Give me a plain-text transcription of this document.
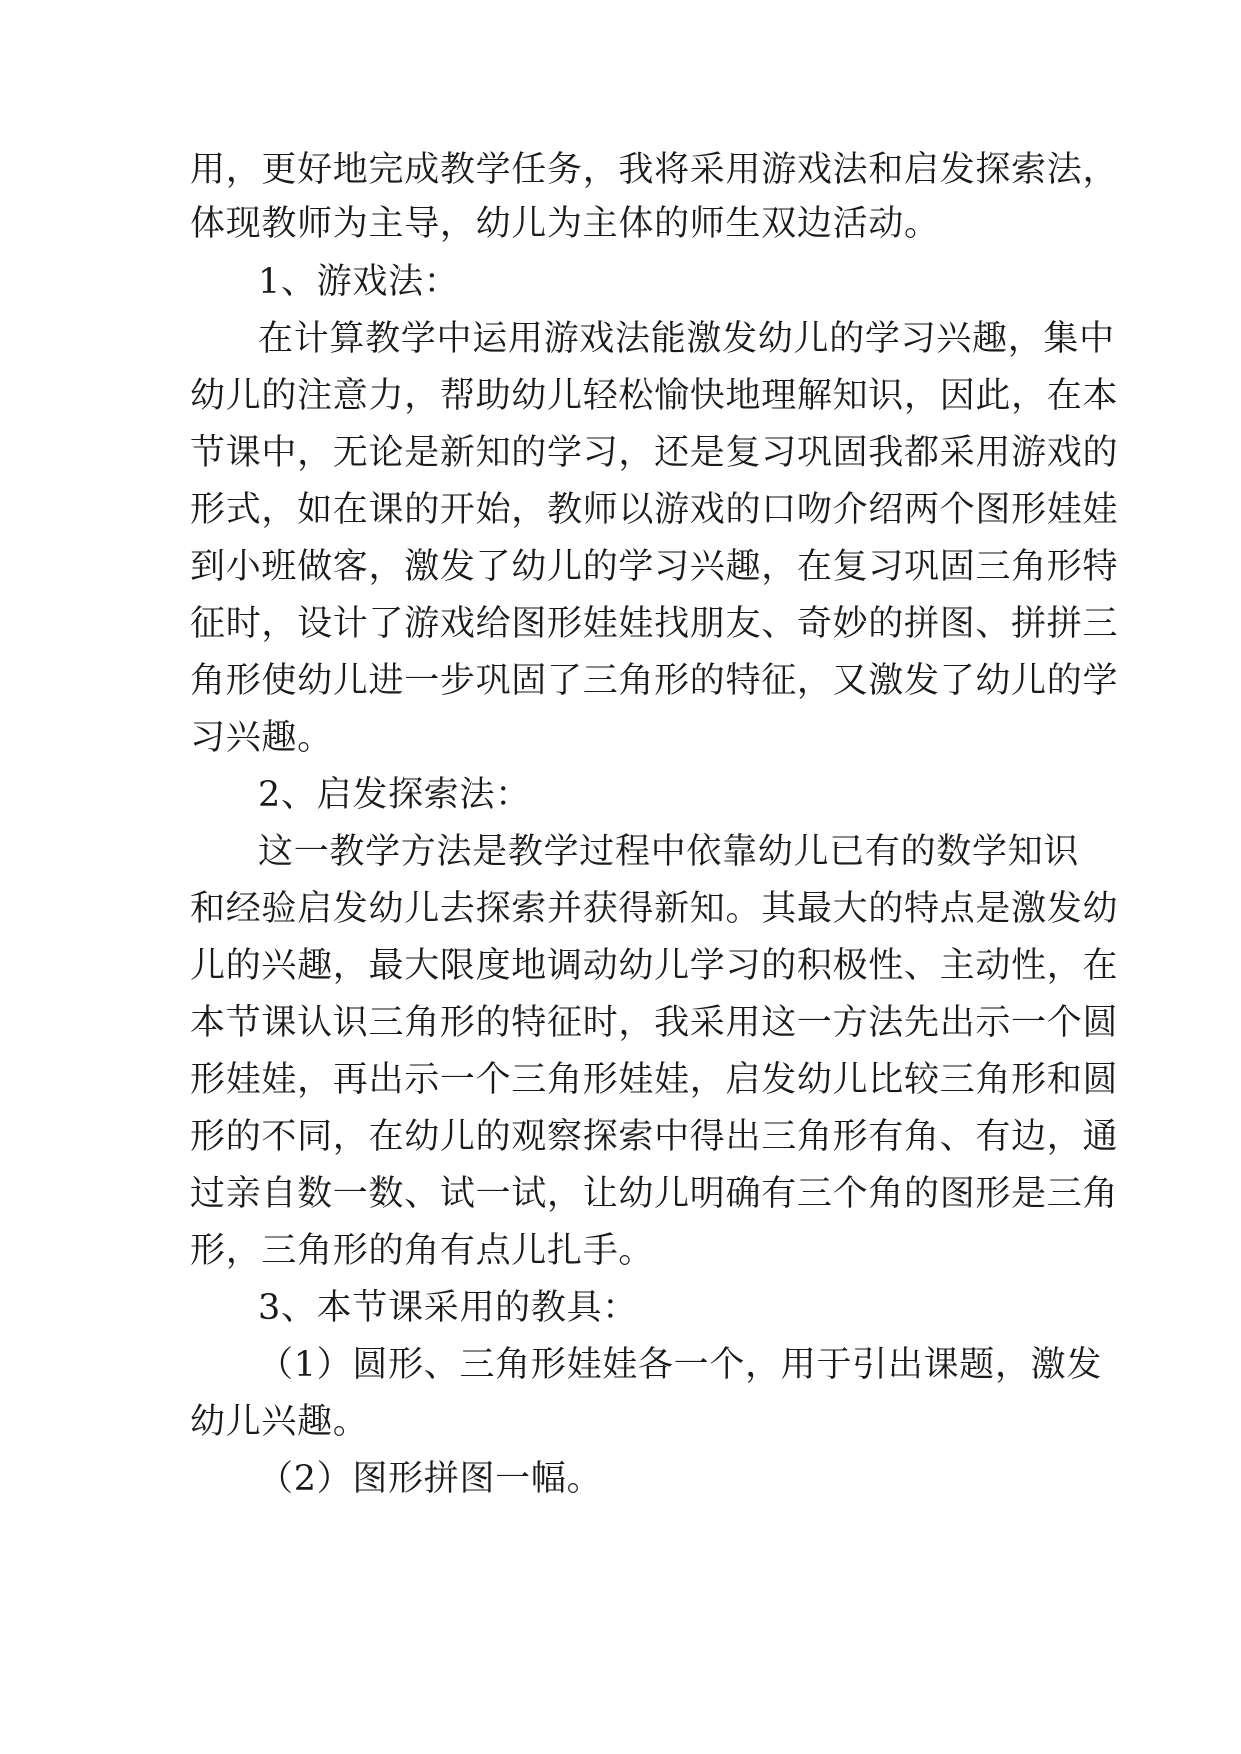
用，更好地完成教学任务，我将采用游戏法和启发探索法，
体现教师为主导，幼儿为主体的师生双边活动。
1、游戏法：
在计算教学中运用游戏法能激发幼儿的学习兴趣，集中
幼儿的注意力，帮助幼儿轻松愉快地理解知识，因此，在本
节课中，无论是新知的学习，还是复习巩固我都采用游戏的
形式，如在课的开始，教师以游戏的口吻介绍两个图形娃娃
到小班做客，激发了幼儿的学习兴趣，在复习巩固三角形特
征时，设计了游戏给图形娃娃找朋友、奇妙的拼图、拼拼三
角形使幼儿进一步巩固了三角形的特征，又激发了幼儿的学
习兴趣。
2、启发探索法：
这一教学方法是教学过程中依靠幼儿已有的数学知识
和经验启发幼儿去探索并获得新知。其最大的特点是激发幼
儿的兴趣，最大限度地调动幼儿学习的积极性、主动性，在
本节课认识三角形的特征时，我采用这一方法先出示一个圆
形娃娃，再出示一个三角形娃娃，启发幼儿比较三角形和圆
形的不同，在幼儿的观察探索中得出三角形有角、有边，通
过亲自数一数、试一试，让幼儿明确有三个角的图形是三角
形，三角形的角有点儿扎手。
3、本节课采用的教具：
（1）圆形、三角形娃娃各一个，用于引出课题，激发
幼儿兴趣。
（2）图形拼图一幅。
